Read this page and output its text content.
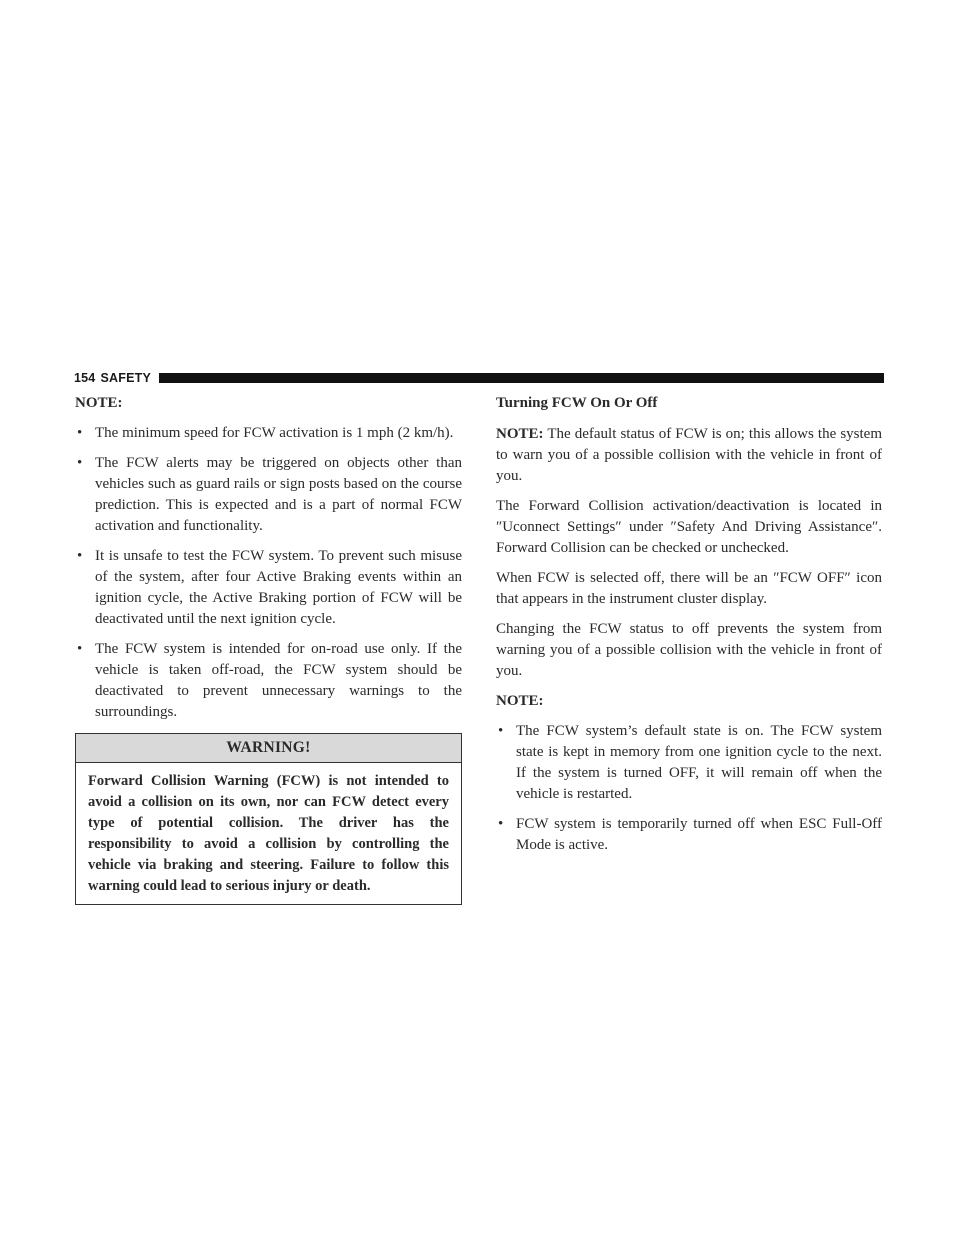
154 SAFETY
NOTE:
• The minimum speed for FCW activation is 1 mph (2 km/h).
• The FCW alerts may be triggered on objects other than vehicles such as guard rails or sign posts based on the course prediction. This is expected and is a part of normal FCW activation and functionality.
• It is unsafe to test the FCW system. To prevent such misuse of the system, after four Active Braking events within an ignition cycle, the Active Braking portion of FCW will be deactivated until the next ignition cycle.
• The FCW system is intended for on-road use only. If the vehicle is taken off-road, the FCW system should be deactivated to prevent unnecessary warnings to the surroundings.
WARNING!
Forward Collision Warning (FCW) is not intended to avoid a collision on its own, nor can FCW detect every type of potential collision. The driver has the responsibility to avoid a collision by controlling the vehicle via braking and steering. Failure to follow this warning could lead to serious injury or death.
Turning FCW On Or Off

NOTE: The default status of FCW is on; this allows the system to warn you of a possible collision with the vehicle in front of you.

The Forward Collision activation/deactivation is located in ″Uconnect Settings″ under ″Safety And Driving Assistance″. Forward Collision can be checked or unchecked.

When FCW is selected off, there will be an ″FCW OFF″ icon that appears in the instrument cluster display.

Changing the FCW status to off prevents the system from warning you of a possible collision with the vehicle in front of you.

NOTE:
• The FCW system’s default state is on. The FCW system state is kept in memory from one ignition cycle to the next. If the system is turned OFF, it will remain off when the vehicle is restarted.
• FCW system is temporarily turned off when ESC Full-Off Mode is active.
